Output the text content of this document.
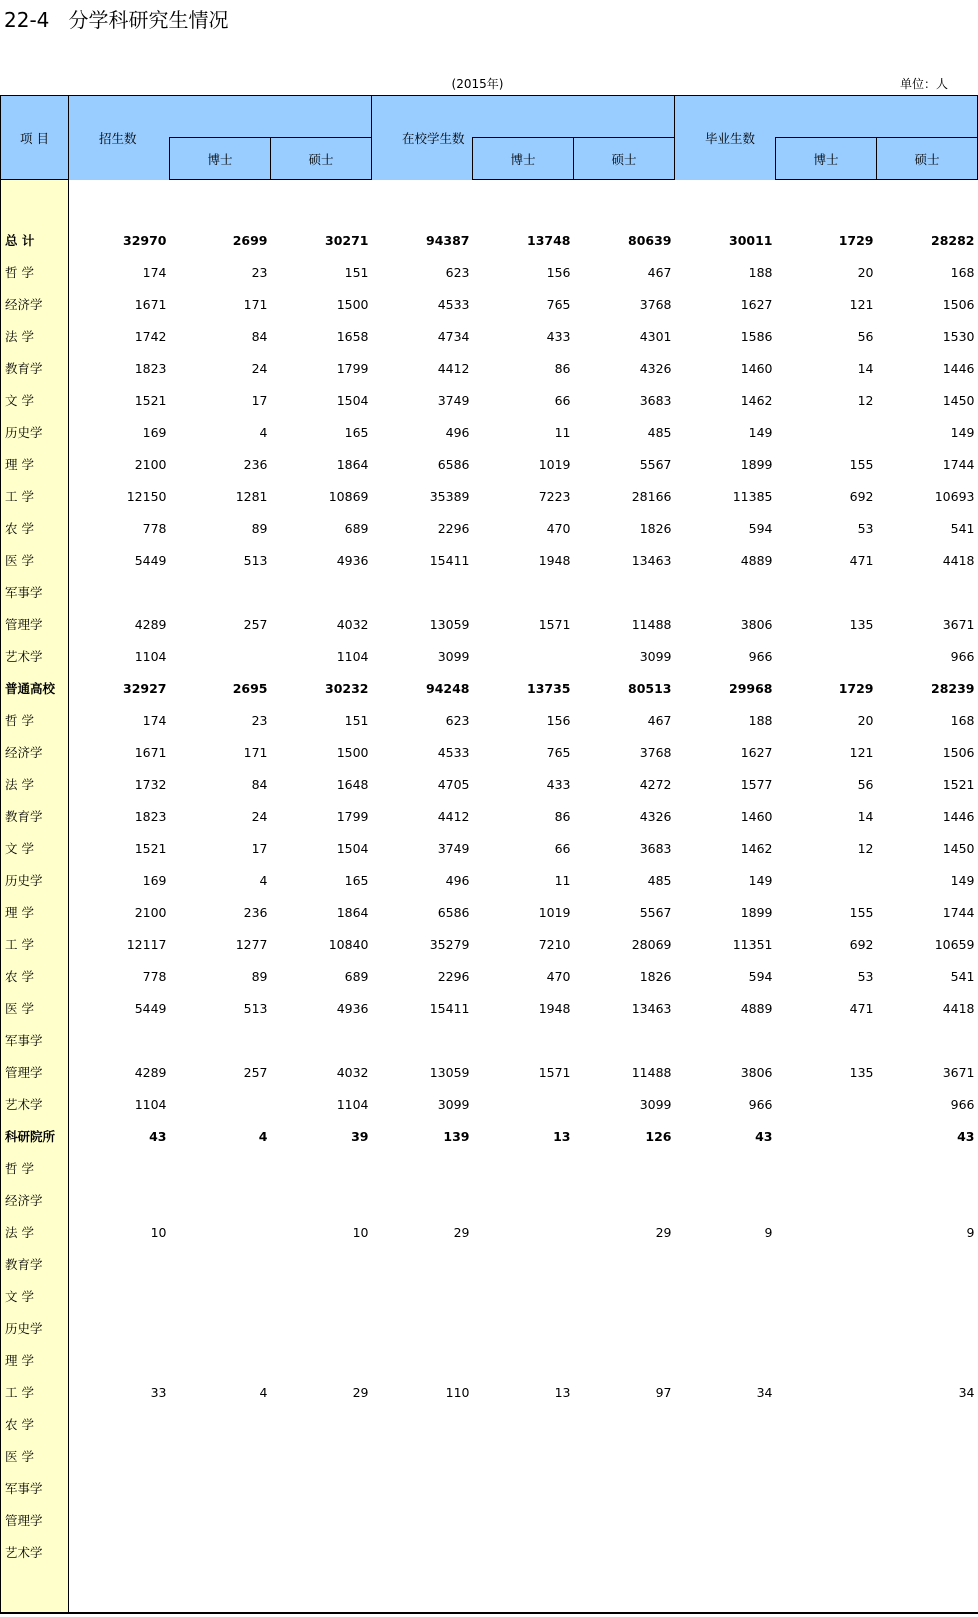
22-4   分学科研究生情况
(2015年)	单位：人
项 目	招生数			在校学生数			毕业生数		
		博士	硕士		博士	硕士		博士	硕士

总 计	32970	2699	30271	94387	13748	80639	30011	1729	28282
哲 学	174	23	151	623	156	467	188	20	168
经济学	1671	171	1500	4533	765	3768	1627	121	1506
法 学	1742	84	1658	4734	433	4301	1586	56	1530
教育学	1823	24	1799	4412	86	4326	1460	14	1446
文 学	1521	17	1504	3749	66	3683	1462	12	1450
历史学	169	4	165	496	11	485	149		149
理 学	2100	236	1864	6586	1019	5567	1899	155	1744
工 学	12150	1281	10869	35389	7223	28166	11385	692	10693
农 学	778	89	689	2296	470	1826	594	53	541
医 学	5449	513	4936	15411	1948	13463	4889	471	4418
军事学									
管理学	4289	257	4032	13059	1571	11488	3806	135	3671
艺术学	1104		1104	3099		3099	966		966
普通高校	32927	2695	30232	94248	13735	80513	29968	1729	28239
哲 学	174	23	151	623	156	467	188	20	168
经济学	1671	171	1500	4533	765	3768	1627	121	1506
法 学	1732	84	1648	4705	433	4272	1577	56	1521
教育学	1823	24	1799	4412	86	4326	1460	14	1446
文 学	1521	17	1504	3749	66	3683	1462	12	1450
历史学	169	4	165	496	11	485	149		149
理 学	2100	236	1864	6586	1019	5567	1899	155	1744
工 学	12117	1277	10840	35279	7210	28069	11351	692	10659
农 学	778	89	689	2296	470	1826	594	53	541
医 学	5449	513	4936	15411	1948	13463	4889	471	4418
军事学									
管理学	4289	257	4032	13059	1571	11488	3806	135	3671
艺术学	1104		1104	3099		3099	966		966
科研院所	43	4	39	139	13	126	43		43
哲 学									
经济学									
法 学	10		10	29		29	9		9
教育学									
文 学									
历史学									
理 学									
工 学	33	4	29	110	13	97	34		34
农 学									
医 学									
军事学									
管理学									
艺术学									
